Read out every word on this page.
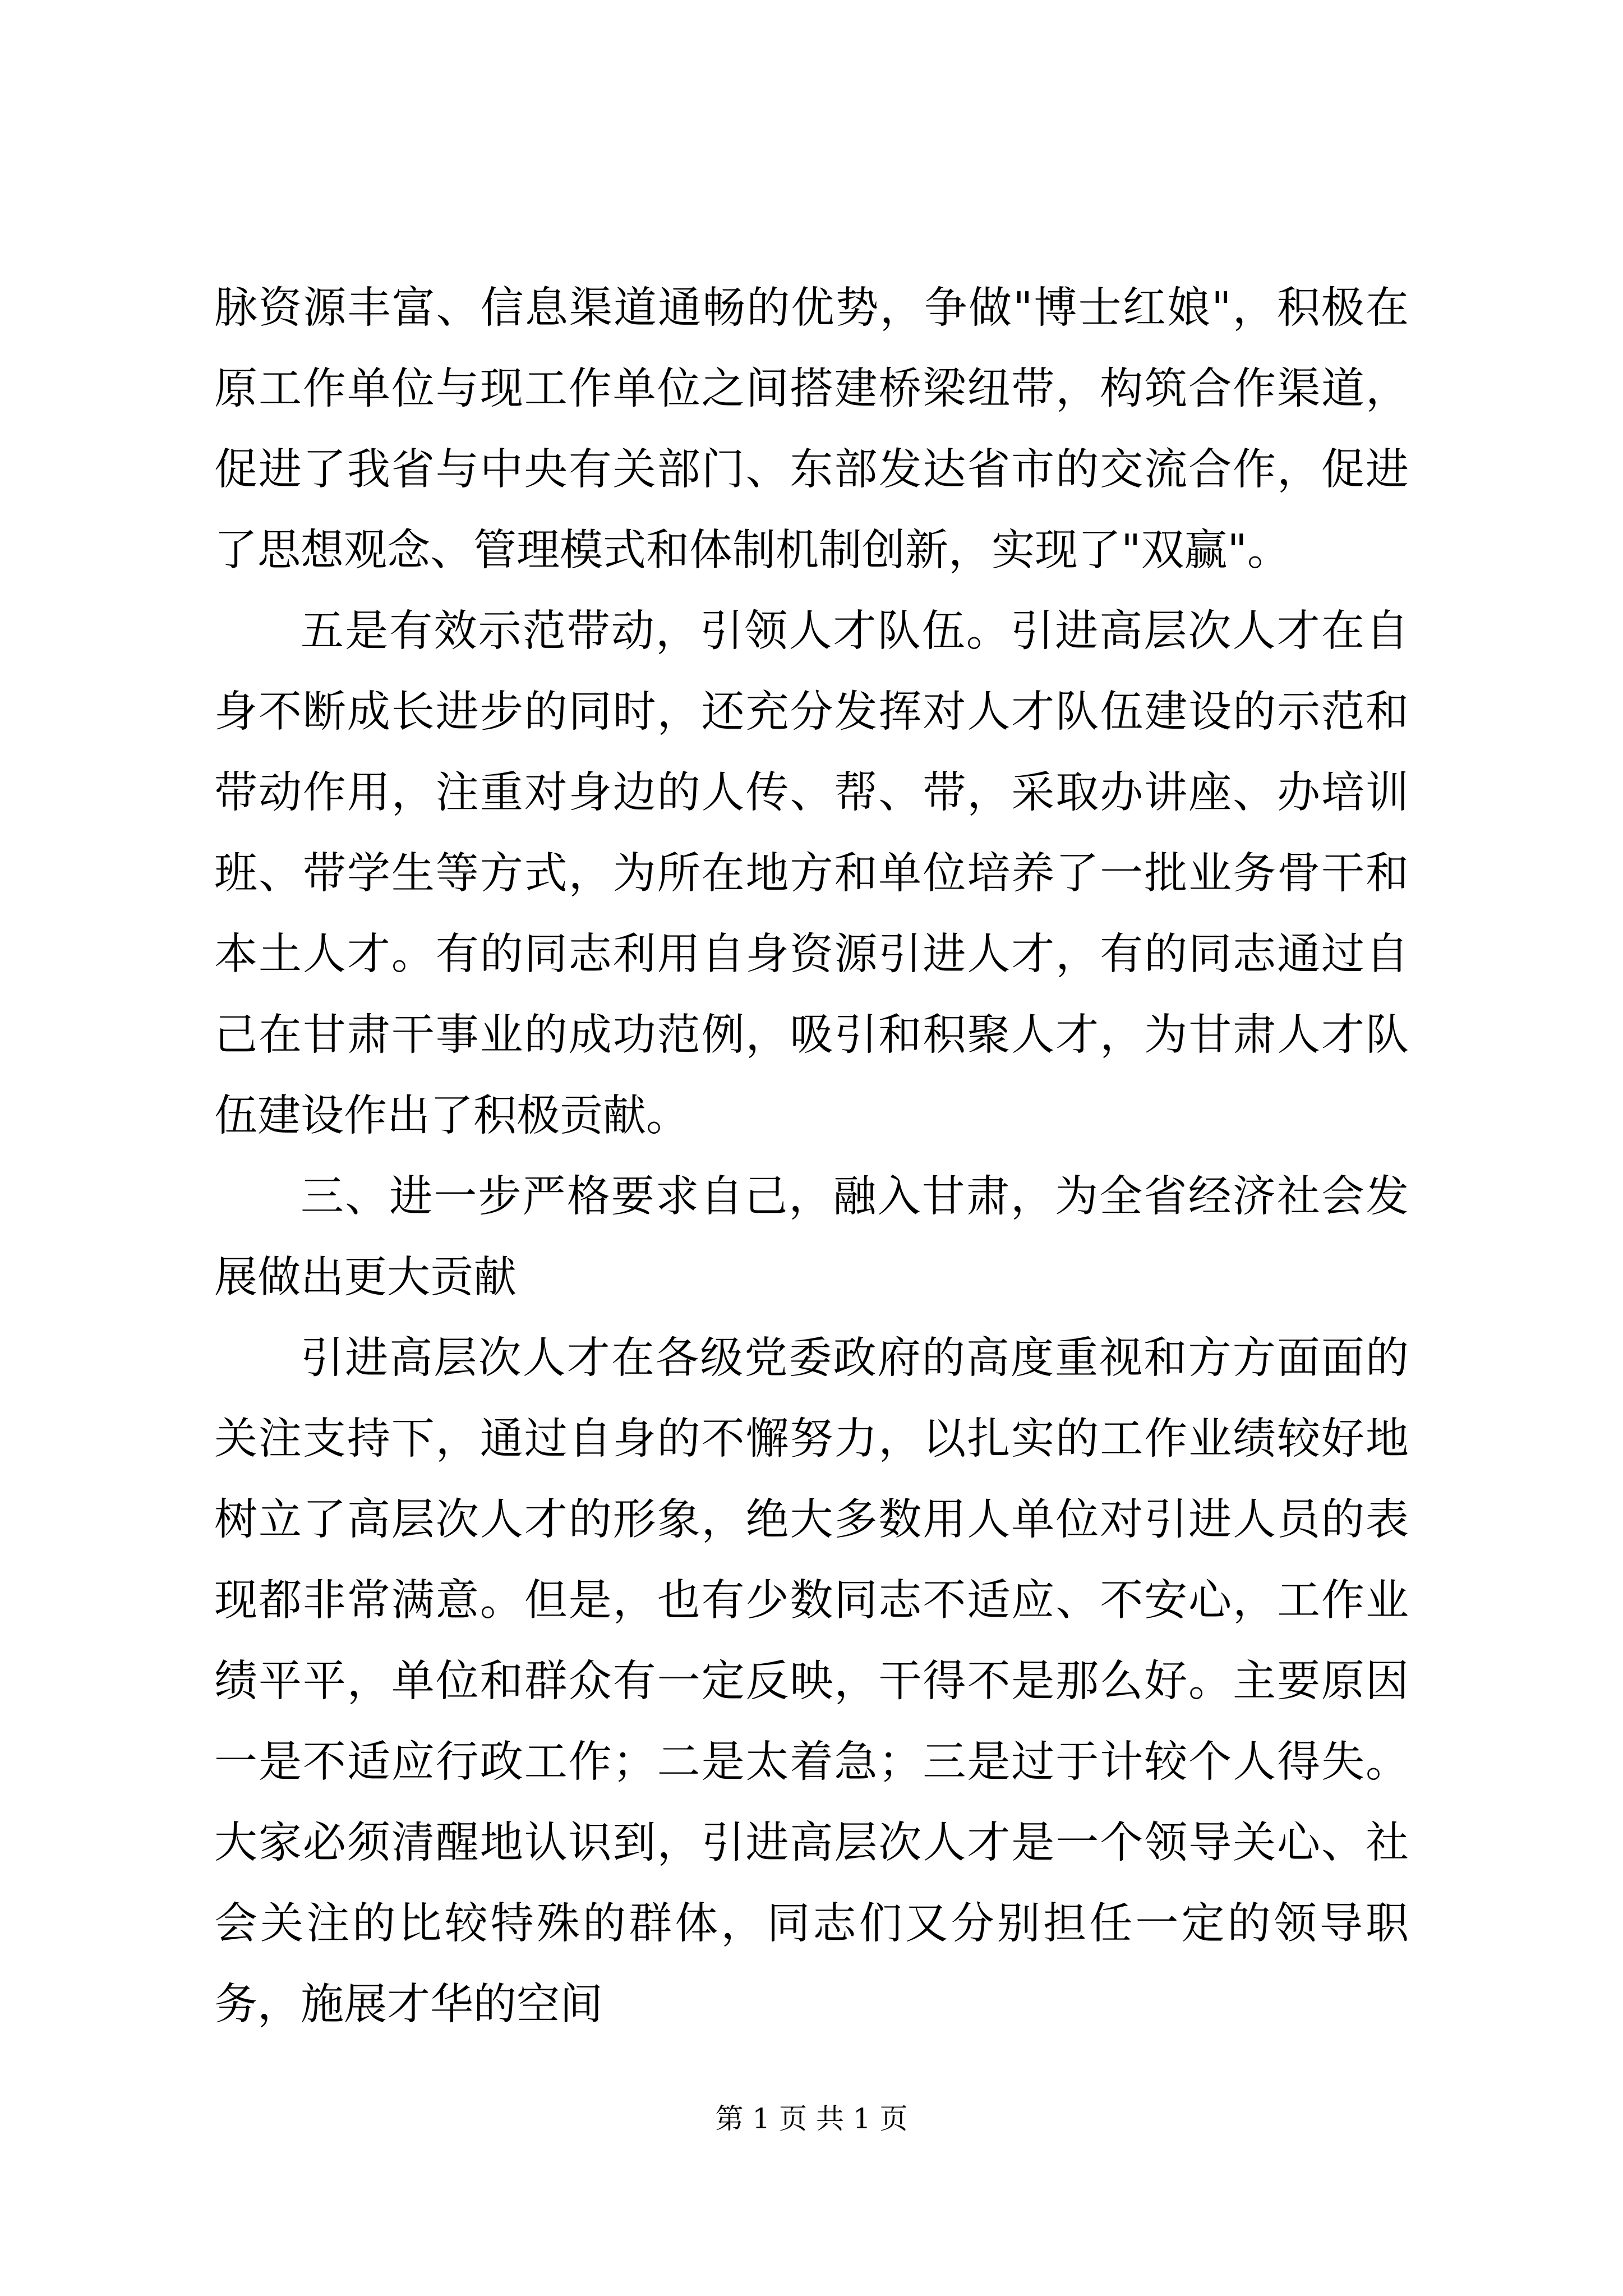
脉资源丰富、信息渠道通畅的优势，争做"博士红娘"，积极在原工作单位与现工作单位之间搭建桥梁纽带，构筑合作渠道，促进了我省与中央有关部门、东部发达省市的交流合作，促进了思想观念、管理模式和体制机制创新，实现了"双赢"。

五是有效示范带动，引领人才队伍。引进高层次人才在自身不断成长进步的同时，还充分发挥对人才队伍建设的示范和带动作用，注重对身边的人传、帮、带，采取办讲座、办培训班、带学生等方式，为所在地方和单位培养了一批业务骨干和本土人才。有的同志利用自身资源引进人才，有的同志通过自己在甘肃干事业的成功范例，吸引和积聚人才，为甘肃人才队伍建设作出了积极贡献。

三、进一步严格要求自己，融入甘肃，为全省经济社会发展做出更大贡献

引进高层次人才在各级党委政府的高度重视和方方面面的关注支持下，通过自身的不懈努力，以扎实的工作业绩较好地树立了高层次人才的形象，绝大多数用人单位对引进人员的表现都非常满意。但是，也有少数同志不适应、不安心，工作业绩平平，单位和群众有一定反映，干得不是那么好。主要原因一是不适应行政工作；二是太着急；三是过于计较个人得失。大家必须清醒地认识到，引进高层次人才是一个领导关心、社会关注的比较特殊的群体，同志们又分别担任一定的领导职务，施展才华的空间

第 1 页 共 1 页
